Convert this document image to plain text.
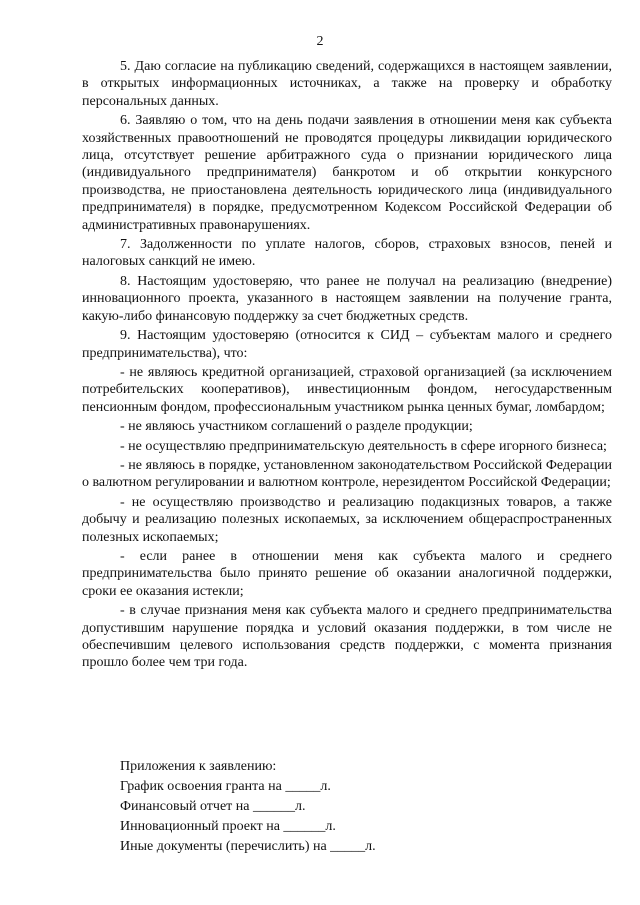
2

5. Даю согласие на публикацию сведений, содержащихся в настоящем заявлении, в открытых информационных источниках, а также на проверку и обработку персональных данных.

6. Заявляю о том, что на день подачи заявления в отношении меня как субъекта хозяйственных правоотношений не проводятся процедуры ликвидации юридического лица, отсутствует решение арбитражного суда о признании юридического лица (индивидуального предпринимателя) банкротом и об открытии конкурсного производства, не приостановлена деятельность юридического лица (индивидуального предпринимателя) в порядке, предусмотренном Кодексом Российской Федерации об административных правонарушениях.

7. Задолженности по уплате налогов, сборов, страховых взносов, пеней и налоговых санкций не имею.

8. Настоящим удостоверяю, что ранее не получал на реализацию (внедрение) инновационного проекта, указанного в настоящем заявлении на получение гранта, какую-либо финансовую поддержку за счет бюджетных средств.

9. Настоящим удостоверяю (относится к СИД – субъектам малого и среднего предпринимательства), что:

- не являюсь кредитной организацией, страховой организацией (за исключением потребительских кооперативов), инвестиционным фондом, негосударственным пенсионным фондом, профессиональным участником рынка ценных бумаг, ломбардом;

- не являюсь участником соглашений о разделе продукции;

- не осуществляю предпринимательскую деятельность в сфере игорного бизнеса;

- не являюсь в порядке, установленном законодательством Российской Федерации о валютном регулировании и валютном контроле, нерезидентом Российской Федерации;

- не осуществляю производство и реализацию подакцизных товаров, а также добычу и реализацию полезных ископаемых, за исключением общераспространенных полезных ископаемых;

- если ранее в отношении меня как субъекта малого и среднего предпринимательства было принято решение об оказании аналогичной поддержки, сроки ее оказания истекли;

- в случае признания меня как субъекта малого и среднего предпринимательства допустившим нарушение порядка и условий оказания поддержки, в том числе не обеспечившим целевого использования средств поддержки, с момента признания прошло более чем три года.

Приложения к заявлению:
График освоения гранта на _____л.
Финансовый отчет на ______л.
Инновационный проект на ______л.
Иные документы (перечислить) на _____л.
